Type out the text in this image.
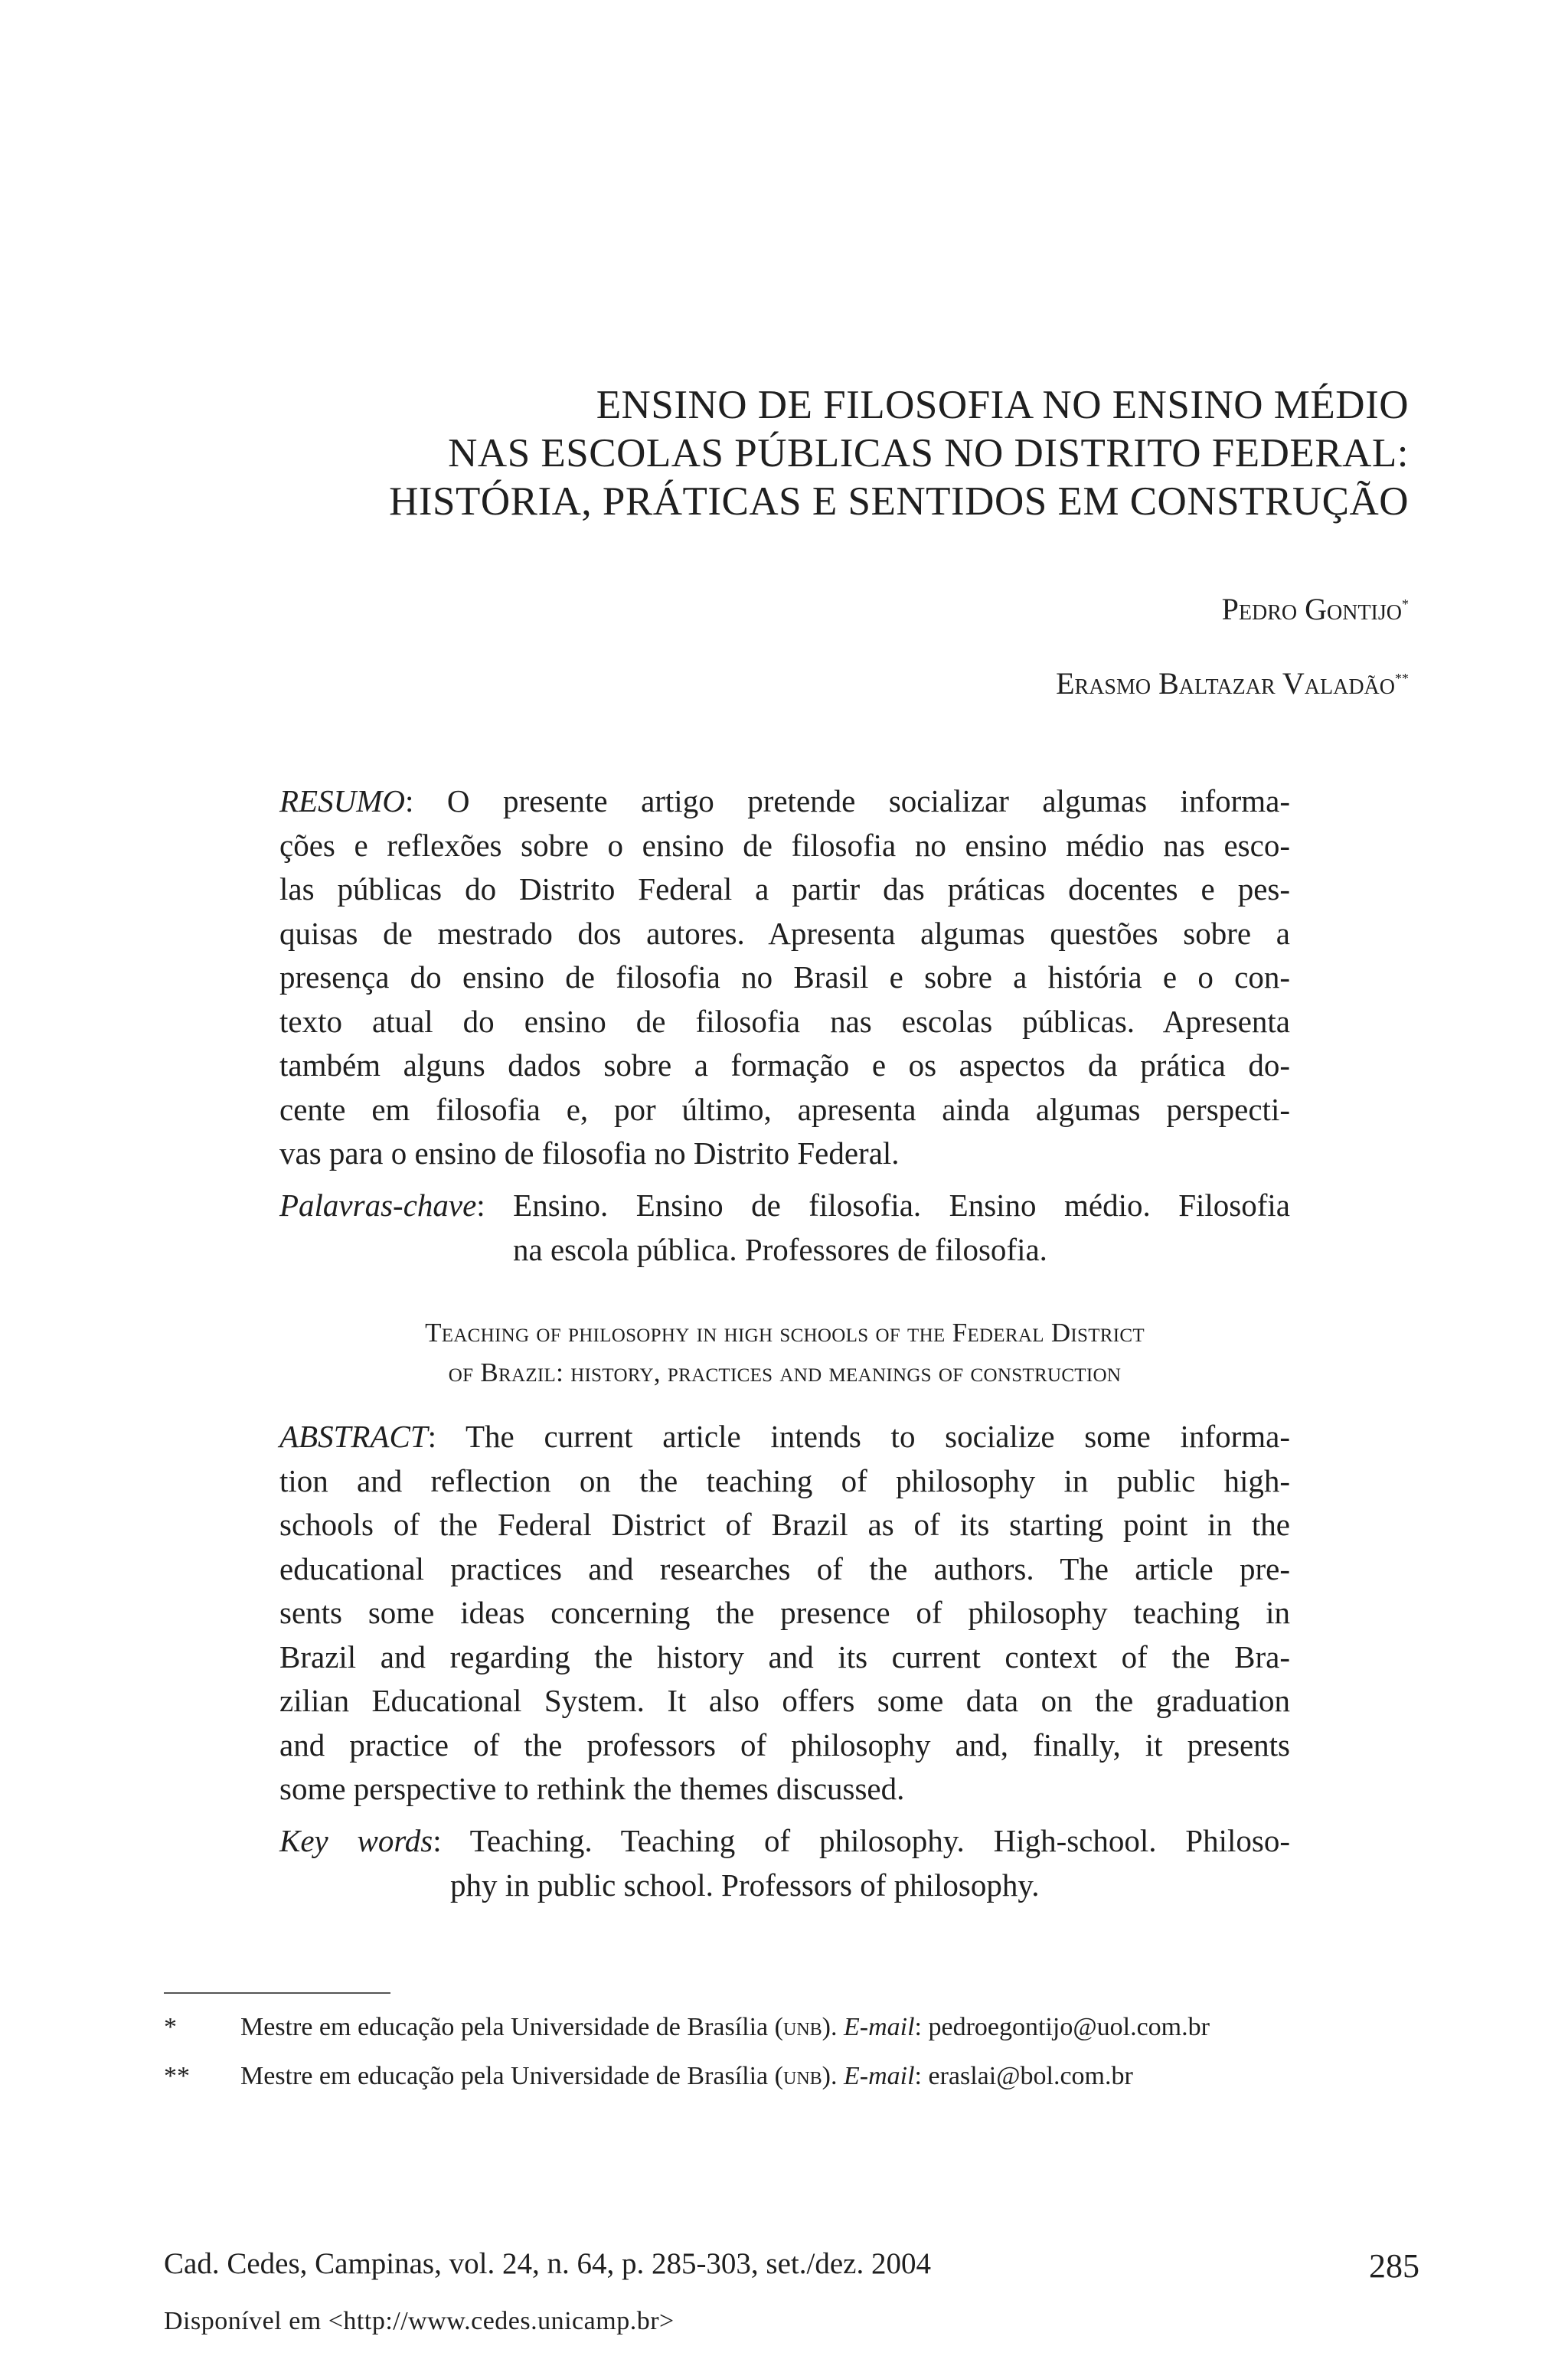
ENSINO DE FILOSOFIA NO ENSINO MÉDIO
NAS ESCOLAS PÚBLICAS NO DISTRITO FEDERAL:
HISTÓRIA, PRÁTICAS E SENTIDOS EM CONSTRUÇÃO
Pedro Gontijo*
Erasmo Baltazar Valadão**
RESUMO: O presente artigo pretende socializar algumas informa-
ções e reflexões sobre o ensino de filosofia no ensino médio nas esco-
las públicas do Distrito Federal a partir das práticas docentes e pes-
quisas de mestrado dos autores. Apresenta algumas questões sobre a
presença do ensino de filosofia no Brasil e sobre a história e o con-
texto atual do ensino de filosofia nas escolas públicas. Apresenta
também alguns dados sobre a formação e os aspectos da prática do-
cente em filosofia e, por último, apresenta ainda algumas perspecti-
vas para o ensino de filosofia no Distrito Federal.
Palavras-chave: Ensino. Ensino de filosofia. Ensino médio. Filosofia
na escola pública. Professores de filosofia.
Teaching of philosophy in high schools of the Federal District
of Brazil: history, practices and meanings of construction
ABSTRACT: The current article intends to socialize some informa-
tion and reflection on the teaching of philosophy in public high-
schools of the Federal District of Brazil as of its starting point in the
educational practices and researches of the authors. The article pre-
sents some ideas concerning the presence of philosophy teaching in
Brazil and regarding the history and its current context of the Bra-
zilian Educational System. It also offers some data on the graduation
and practice of the professors of philosophy and, finally, it presents
some perspective to rethink the themes discussed.
Key words: Teaching. Teaching of philosophy. High-school. Philoso-
phy in public school. Professors of philosophy.
* Mestre em educação pela Universidade de Brasília (unb). E-mail: pedroegontijo@uol.com.br
** Mestre em educação pela Universidade de Brasília (unb). E-mail: eraslai@bol.com.br
Cad. Cedes, Campinas, vol. 24, n. 64, p. 285-303, set./dez. 2004	285
Disponível em <http://www.cedes.unicamp.br>
